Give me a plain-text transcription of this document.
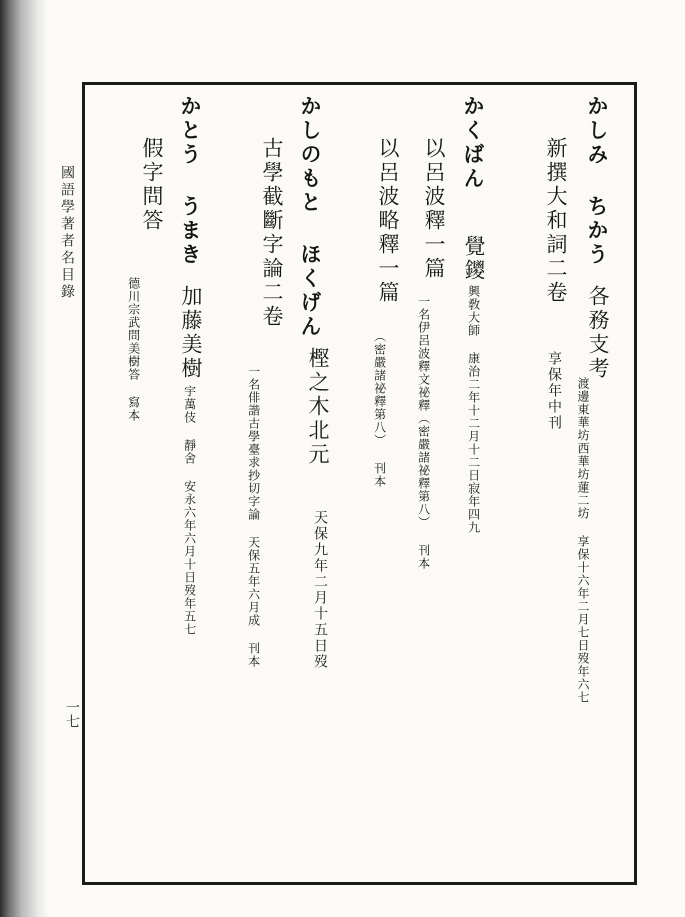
國語學著者名目錄
一七
かしみ ちかう
各務支考
渡邊東華坊西華坊蓮二坊 享保十六年二月七日歿年六七
新撰大和詞二卷
享保年中刊
かくばん
覺鑁
興敎大師 康治二年十二月十二日寂年四九
以呂波釋一篇
一名伊呂波釋文祕釋（密嚴諸祕釋第八） 刊本
以呂波略釋一篇
（密嚴諸祕釋第八） 刊本
かしのもと ほくげん
樫之木北元
天保九年二月十五日歿
古學截斷字論二卷
一名俳諧古學臺求抄切字論 天保五年六月成 刊本
かとう うまき
加藤美樹
宇萬伎 靜舍 安永六年六月十日歿年五七
假字問答
德川宗武問美樹答 寫本
